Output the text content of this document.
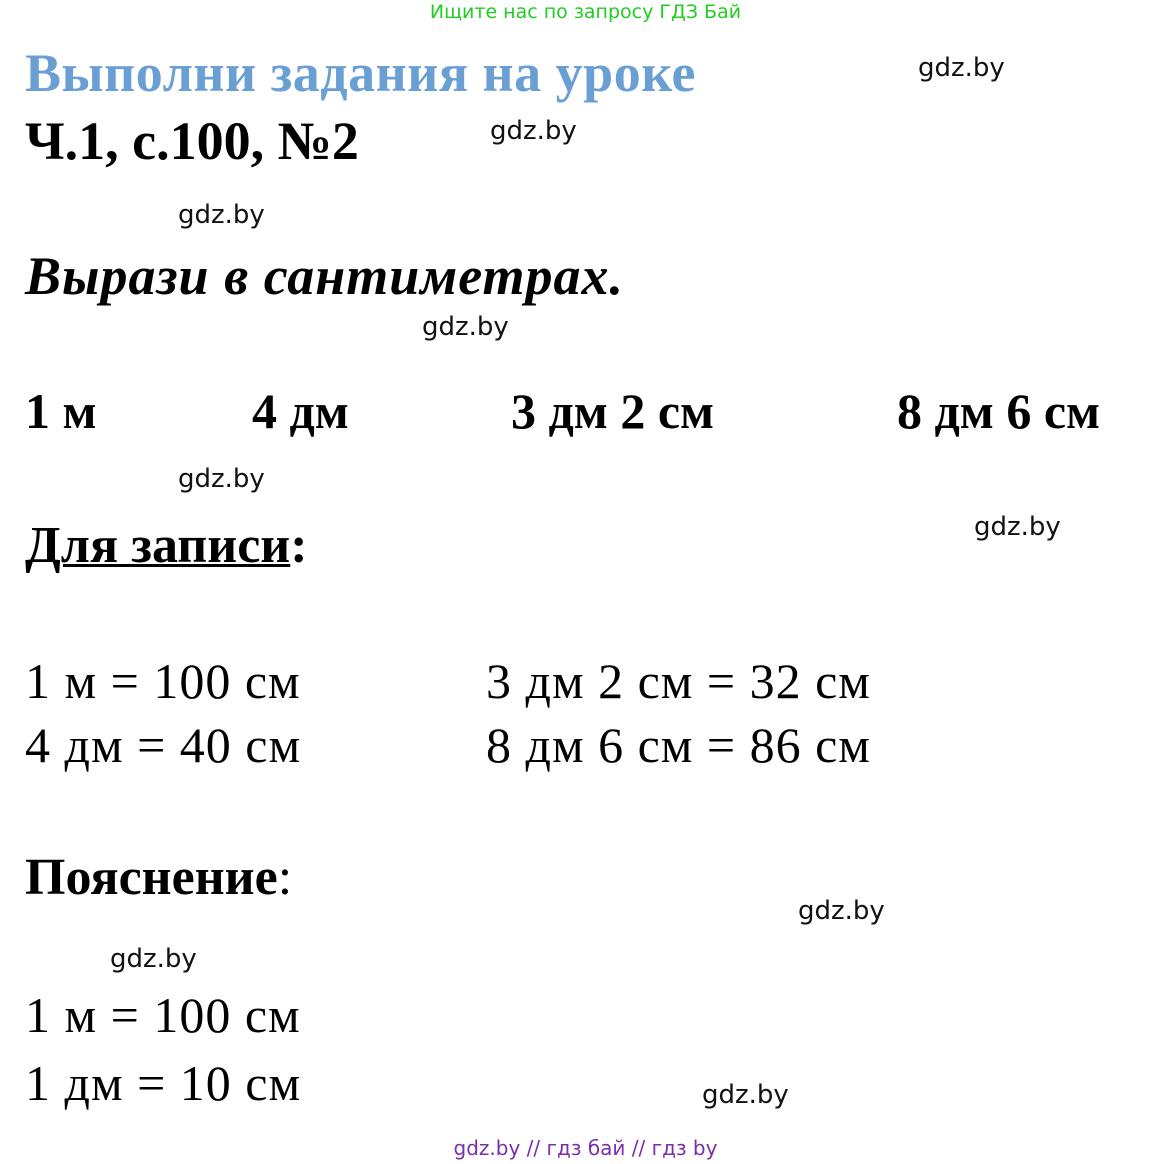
Ищите нас по запросу ГДЗ Бай
Выполни задания на уроке
Ч.1, с.100, №2
Вырази в сантиметрах.
1 м	4 дм	3 дм 2 см	8 дм 6 см
Для записи:
1 м = 100 см	3 дм 2 см = 32 см
4 дм = 40 см	8 дм 6 см = 86 см
Пояснение:
1 м = 100 см
1 дм = 10 см
gdz.by
gdz.by
gdz.by
gdz.by
gdz.by
gdz.by
gdz.by
gdz.by
gdz.by
gdz.by // гдз бай // гдз by
